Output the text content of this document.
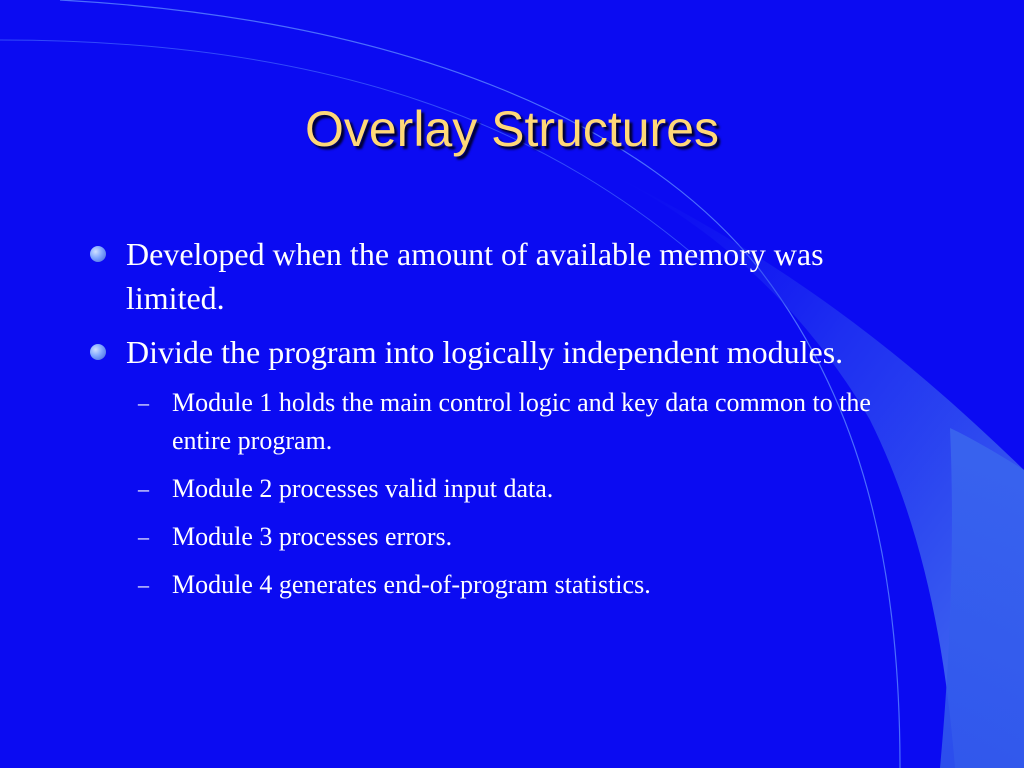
Overlay Structures
Developed when the amount of available memory was limited.
Divide the program into logically independent modules.
– Module 1 holds the main control logic and key data common to the entire program.
– Module 2 processes valid input data.
– Module 3 processes errors.
– Module 4 generates end-of-program statistics.
